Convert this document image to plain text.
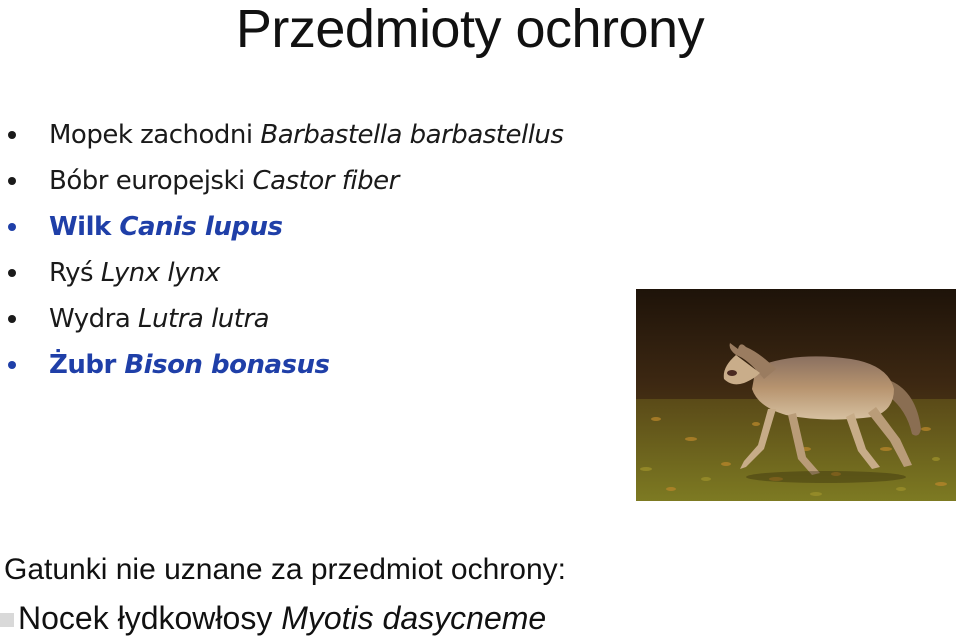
Przedmioty ochrony
Mopek zachodni Barbastella barbastellus
Bóbr europejski Castor fiber
Wilk Canis lupus
Ryś Lynx lynx
Wydra Lutra lutra
Żubr Bison bonasus
Gatunki nie uznane za przedmiot ochrony:
Nocek łydkowłosy Myotis dasycneme
